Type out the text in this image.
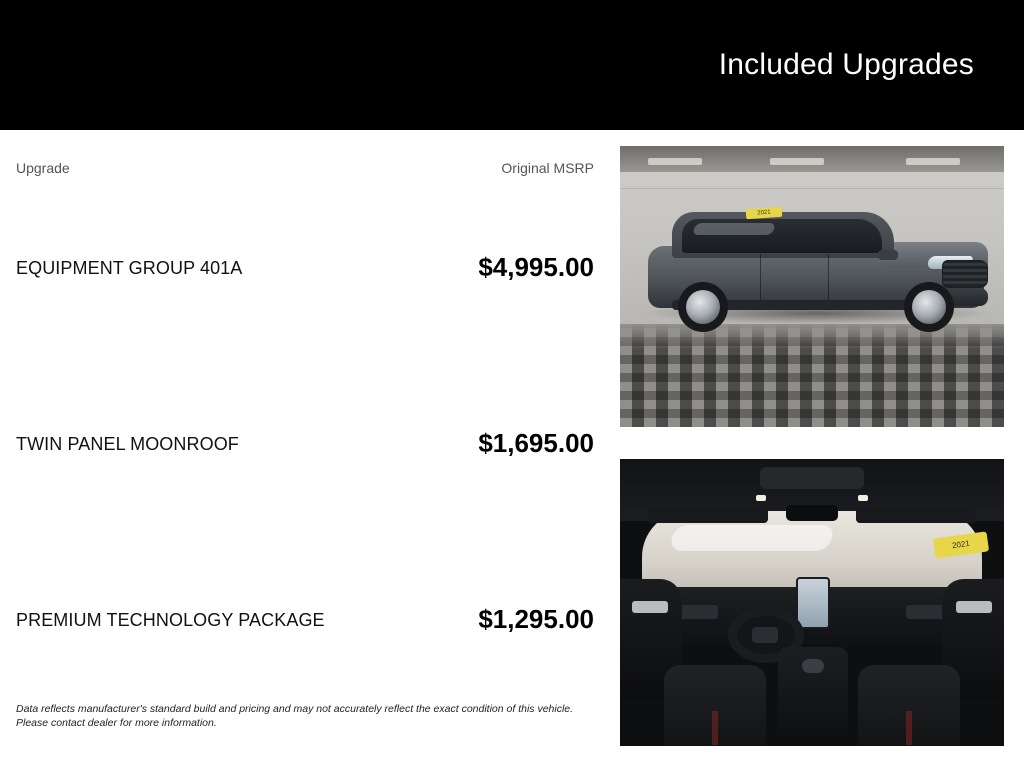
Included Upgrades
Upgrade	Original MSRP
EQUIPMENT GROUP 401A	$4,995.00
TWIN PANEL MOONROOF	$1,695.00
PREMIUM TECHNOLOGY PACKAGE	$1,295.00
Data reflects manufacturer's standard build and pricing and may not accurately reflect the exact condition of this vehicle.
Please contact dealer for more information.
2021
2021
